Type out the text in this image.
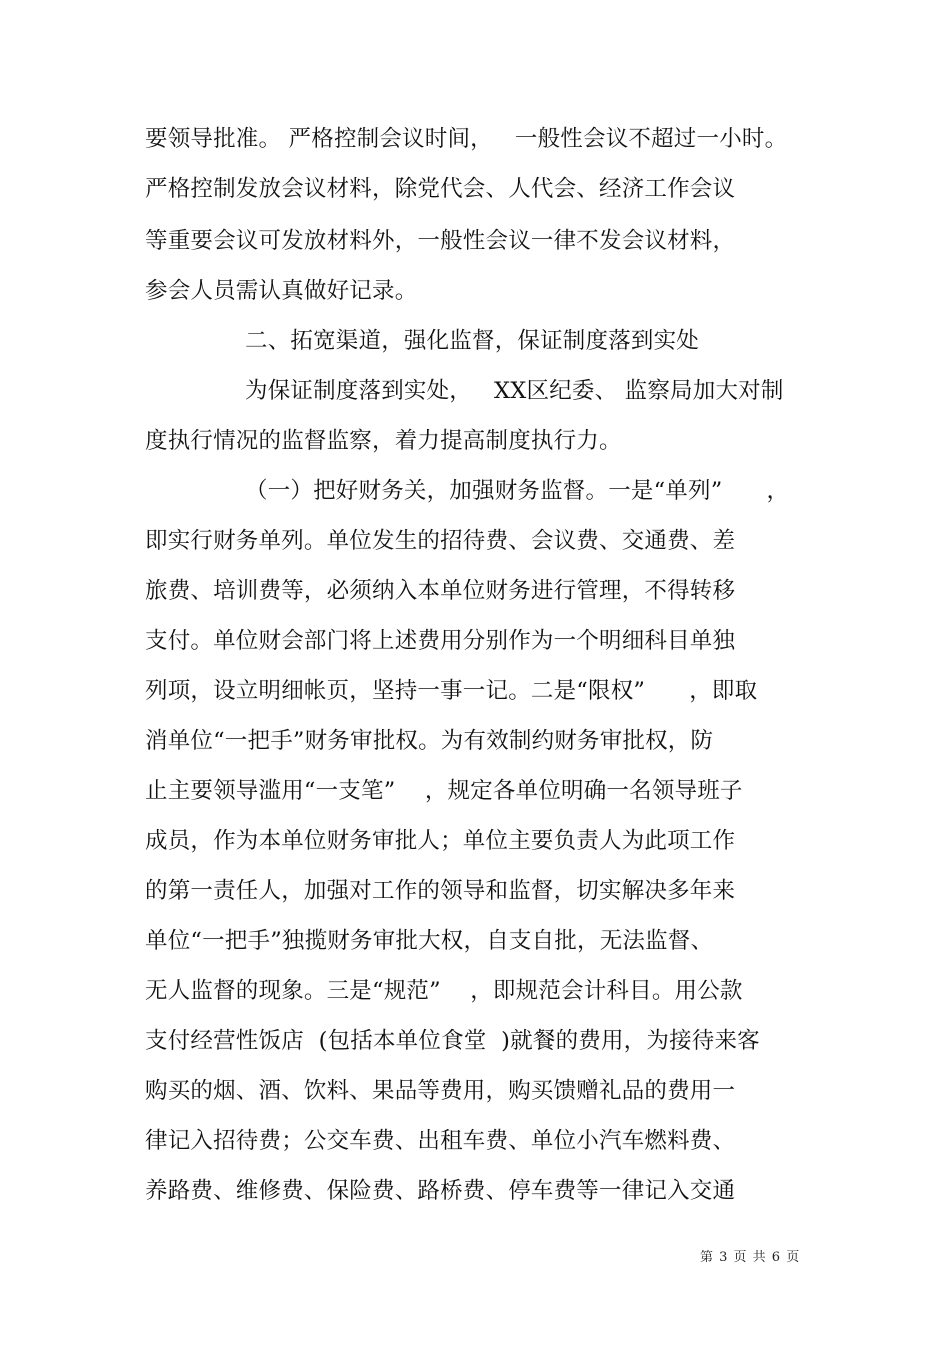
要领导批准。 严格控制会议时间，   一般性会议不超过一小时。
严格控制发放会议材料，除党代会、人代会、经济工作会议
等重要会议可发放材料外，一般性会议一律不发会议材料，
参会人员需认真做好记录。
二、拓宽渠道，强化监督，保证制度落到实处
为保证制度落到实处，   XX区纪委、 监察局加大对制
度执行情况的监督监察，着力提高制度执行力。
（一）把好财务关，加强财务监督。一是“单列”      ，
即实行财务单列。单位发生的招待费、会议费、交通费、差
旅费、培训费等，必须纳入本单位财务进行管理，不得转移
支付。单位财会部门将上述费用分别作为一个明细科目单独
列项，设立明细帐页，坚持一事一记。二是“限权”      ，即取
消单位“一把手”财务审批权。为有效制约财务审批权，防
止主要领导滥用“一支笔”    ，规定各单位明确一名领导班子
成员，作为本单位财务审批人；单位主要负责人为此项工作
的第一责任人，加强对工作的领导和监督，切实解决多年来
单位“一把手”独揽财务审批大权，自支自批，无法监督、
无人监督的现象。三是“规范”    ，即规范会计科目。用公款
支付经营性饭店  (包括本单位食堂  )就餐的费用，为接待来客
购买的烟、酒、饮料、果品等费用，购买馈赠礼品的费用一
律记入招待费；公交车费、出租车费、单位小汽车燃料费、
养路费、维修费、保险费、路桥费、停车费等一律记入交通
第 3 页 共 6 页
